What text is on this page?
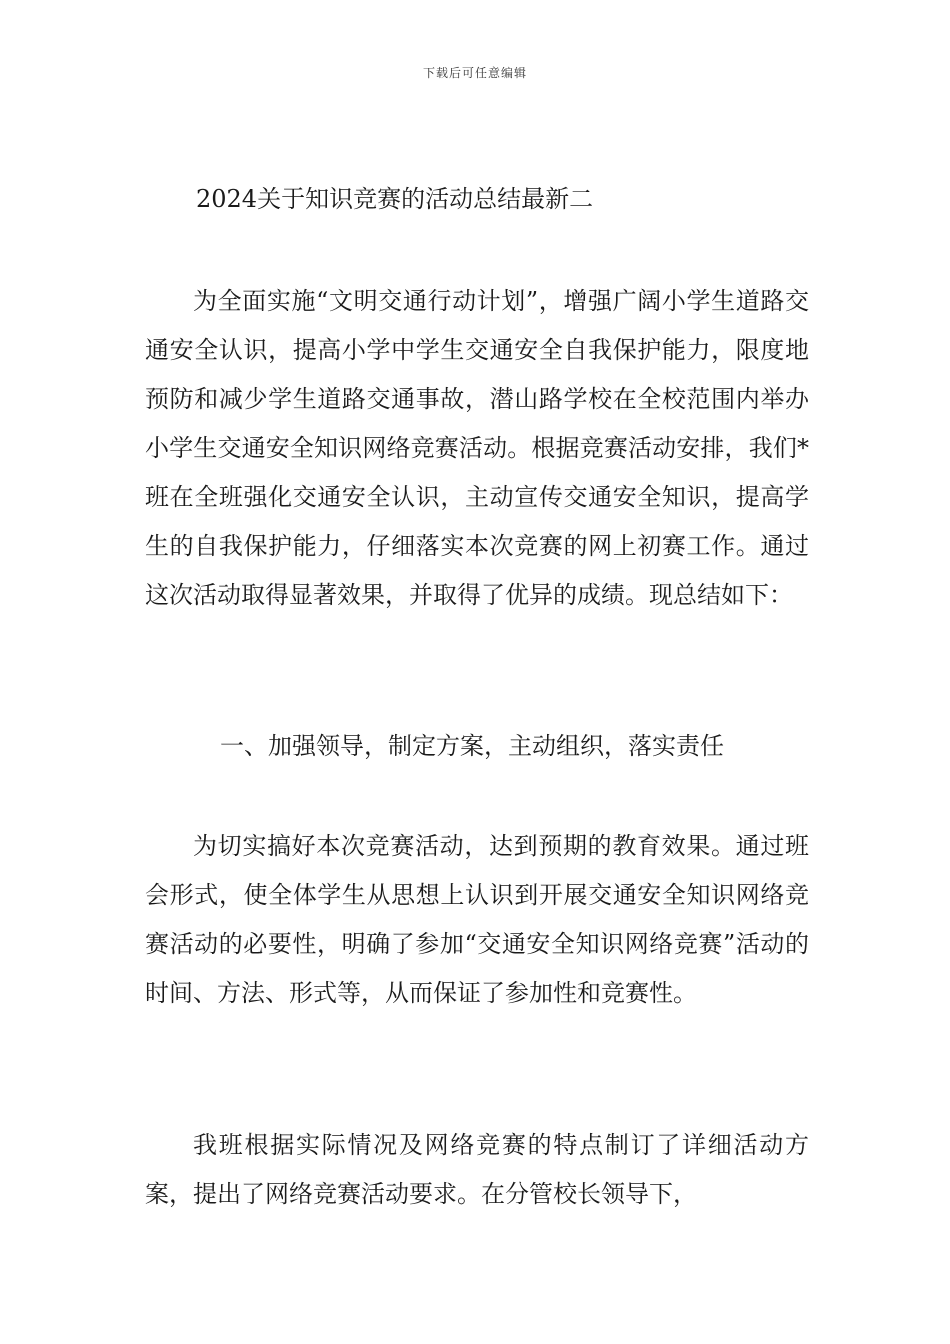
下载后可任意编辑
2024关于知识竞赛的活动总结最新二

为全面实施“文明交通行动计划”，增强广阔小学生道路交通安全认识，提高小学中学生交通安全自我保护能力，限度地预防和减少学生道路交通事故，潜山路学校在全校范围内举办小学生交通安全知识网络竞赛活动。根据竞赛活动安排，我们*班在全班强化交通安全认识，主动宣传交通安全知识，提高学生的自我保护能力，仔细落实本次竞赛的网上初赛工作。通过这次活动取得显著效果，并取得了优异的成绩。现总结如下：

一、加强领导，制定方案，主动组织，落实责任

为切实搞好本次竞赛活动，达到预期的教育效果。通过班会形式，使全体学生从思想上认识到开展交通安全知识网络竞赛活动的必要性，明确了参加“交通安全知识网络竞赛”活动的时间、方法、形式等，从而保证了参加性和竞赛性。

我班根据实际情况及网络竞赛的特点制订了详细活动方案，提出了网络竞赛活动要求。在分管校长领导下，
